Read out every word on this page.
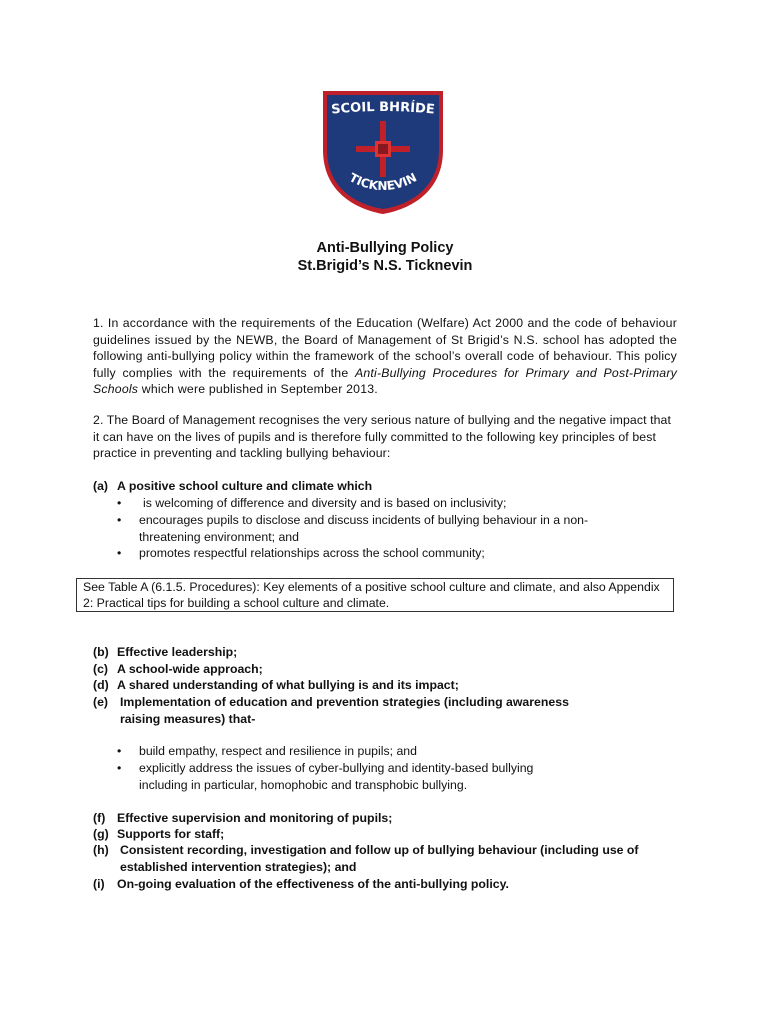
SCOIL BHRÍDE
TICKNEVIN
Anti-Bullying Policy
St.Brigid’s N.S. Ticknevin
1. In accordance with the requirements of the Education (Welfare) Act 2000 and the code of behaviour guidelines issued by the NEWB, the Board of Management of St Brigid’s N.S. school has adopted the following anti-bullying policy within the framework of the school’s overall code of behaviour. This policy fully complies with the requirements of the Anti-Bullying Procedures for Primary and Post-Primary Schools which were published in September 2013.
2. The Board of Management recognises the very serious nature of bullying and the negative impact that it can have on the lives of pupils and is therefore fully committed to the following key principles of best practice in preventing and tackling bullying behaviour:
(a) A positive school culture and climate which
• is welcoming of difference and diversity and is based on inclusivity;
•	encourages pupils to disclose and discuss incidents of bullying behaviour in a non-threatening environment; and
• promotes respectful relationships across the school community;
See Table A (6.1.5. Procedures): Key elements of a positive school culture and climate, and also Appendix 2: Practical tips for building a school culture and climate.
(b) Effective leadership;
(c) A school-wide approach;
(d) A shared understanding of what bullying is and its impact;
(e) Implementation of education and prevention strategies (including awareness raising measures) that-
• build empathy, respect and resilience in pupils; and
•	explicitly address the issues of cyber-bullying and identity-based bullying including in particular, homophobic and transphobic bullying.
(f) Effective supervision and monitoring of pupils;
(g) Supports for staff;
(h) Consistent recording, investigation and follow up of bullying behaviour (including use of established intervention strategies); and
(i) On-going evaluation of the effectiveness of the anti-bullying policy.
